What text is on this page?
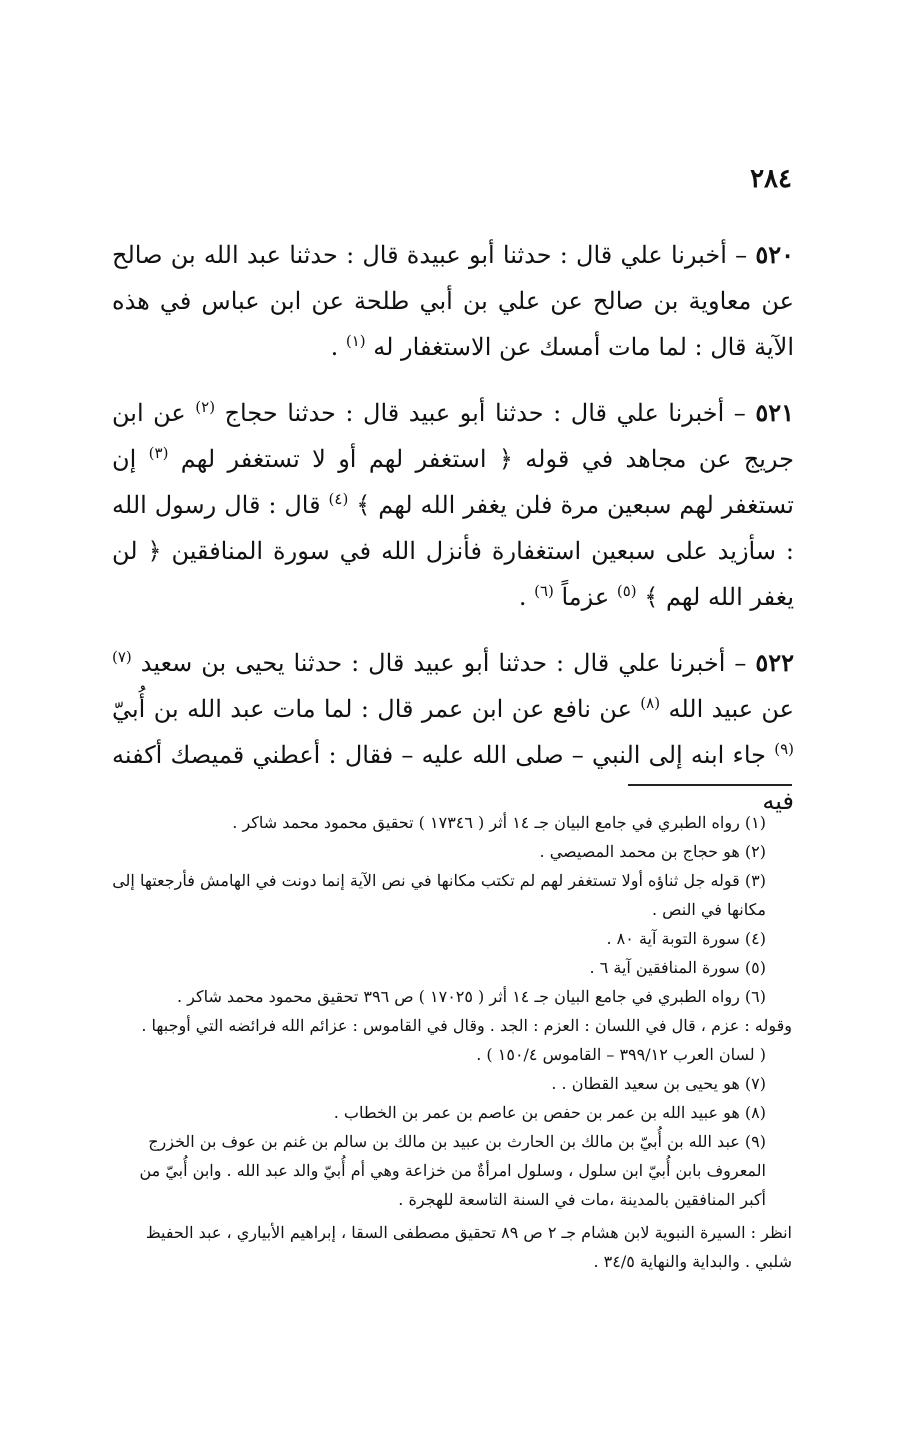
٢٨٤

٥٢٠ – أخبرنا علي قال : حدثنا أبو عبيدة قال : حدثنا عبد الله بن صالح عن معاوية بن صالح عن علي بن أبي طلحة عن ابن عباس في هذه الآية قال : لما مات أمسك عن الاستغفار له $^{(١)}$ .

٥٢١ – أخبرنا علي قال : حدثنا أبو عبيد قال : حدثنا حجاج $^{(٢)}$ عن ابن جريج عن مجاهد في قوله ﴿ استغفر لهم أو لا تستغفر لهم $^{(٣)}$ إن تستغفر لهم سبعين مرة فلن يغفر الله لهم ﴾ $^{(٤)}$ قال : قال رسول الله : سأزيد على سبعين استغفارة فأنزل الله في سورة المنافقين ﴿ لن يغفر الله لهم ﴾ $^{(٥)}$ عزماً $^{(٦)}$ .

٥٢٢ – أخبرنا علي قال : حدثنا أبو عبيد قال : حدثنا يحيى بن سعيد $^{(٧)}$ عن عبيد الله $^{(٨)}$ عن نافع عن ابن عمر قال : لما مات عبد الله بن أُبيّ $^{(٩)}$ جاء ابنه إلى النبي – صلى الله عليه – فقال : أعطني قميصك أكفنه فيه

(١) رواه الطبري في جامع البيان جـ ١٤ أثر ( ١٧٣٤٦ ) تحقيق محمود محمد شاكر .

(٢) هو حجاج بن محمد المصيصي .

(٣) قوله جل ثناؤه أولا تستغفر لهم لم تكتب مكانها في نص الآية إنما دونت في الهامش فأرجعتها إلى مكانها في النص .

(٤) سورة التوبة آية ٨٠ .

(٥) سورة المنافقين آية ٦ .

(٦) رواه الطبري في جامع البيان جـ ١٤ أثر ( ١٧٠٢٥ ) ص ٣٩٦ تحقيق محمود محمد شاكر .

وقوله : عزم ، قال في اللسان : العزم : الجد . وقال في القاموس : عزائم الله فرائضه التي أوجبها .

( لسان العرب ٣٩٩/١٢ – القاموس ١٥٠/٤ ) .

(٧) هو يحيى بن سعيد القطان . .

(٨) هو عبيد الله بن عمر بن حفص بن عاصم بن عمر بن الخطاب .

(٩) عبد الله بن أُبيّ بن مالك بن الحارث بن عبيد بن مالك بن سالم بن غنم بن عوف بن الخزرج المعروف بابن أُبيّ ابن سلول ، وسلول امرأةٌ من خزاعة وهي أم أُبيّ والد عبد الله . وابن أُبيّ من أكبر المنافقين بالمدينة ،مات في السنة التاسعة للهجرة .

انظر : السيرة النبوية لابن هشام جـ ٢ ص ٨٩ تحقيق مصطفى السقا ، إبراهيم الأبياري ، عبد الحفيظ شلبي . والبداية والنهاية ٣٤/٥ .
